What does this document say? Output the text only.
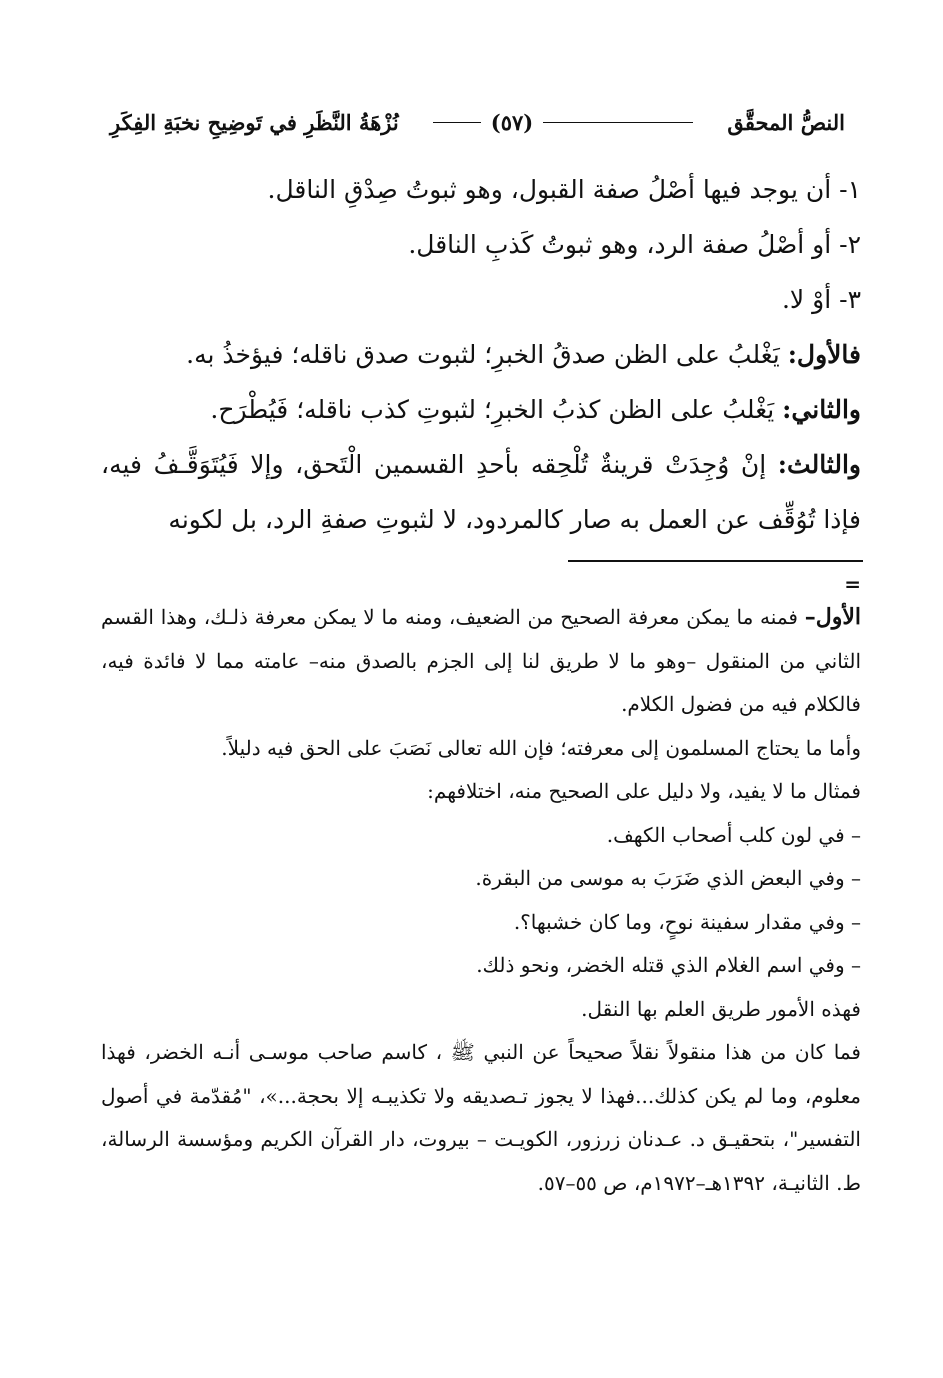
النصُّ المحقَّق
(٥٧)
نُزْهَةُ النَّظَرِ في تَوضِيحِ نخبَةِ الفِكَرِ

١- أن يوجد فيها أصْلُ صفة القبول، وهو ثبوتُ صِدْقِ الناقل.

٢- أو أصْلُ صفة الرد، وهو ثبوتُ كَذبِ الناقل.

٣- أوْ لا.

فالأول: يَغْلبُ على الظن صدقُ الخبرِ؛ لثبوت صدق ناقله؛ فيؤخذُ به.

والثاني: يَغْلبُ على الظن كذبُ الخبرِ؛ لثبوتِ كذب ناقله؛ فَيُطْرَح.

والثالث: إنْ وُجِدَتْ قرينةٌ تُلْحِقه بأحدِ القسمين الْتَحق، وإلا فَيُتَوَقَّـفُ فيه، فإذا تُوُقِّف عن العمل به صار كالمردود، لا لثبوتِ صفةِ الرد، بل لكونه

=

الأول– فمنه ما يمكن معرفة الصحيح من الضعيف، ومنه ما لا يمكن معرفة ذلـك، وهذا القسم الثاني من المنقول –وهو ما لا طريق لنا إلى الجزم بالصدق منه– عامته مما لا فائدة فيه، فالكلام فيه من فضول الكلام.

وأما ما يحتاج المسلمون إلى معرفته؛ فإن الله تعالى نَصَبَ على الحق فيه دليلاً.

فمثال ما لا يفيد، ولا دليل على الصحيح منه، اختلافهم:

– في لون كلب أصحاب الكهف.

– وفي البعض الذي ضَرَبَ به موسى من البقرة.

– وفي مقدار سفينة نوحٍ، وما كان خشبها؟.

– وفي اسم الغلام الذي قتله الخضر، ونحو ذلك.

فهذه الأمور طريق العلم بها النقل.

فما كان من هذا منقولاً نقلاً صحيحاً عن النبي ﷺ ، كاسم صاحب موسـى أنـه الخضر، فهذا معلوم، وما لم يكن كذلك...فهذا لا يجوز تـصديقه ولا تكذيبـه إلا بحجة...»، "مُقدّمة في أصول التفسير"، بتحقيـق د. عـدنان زرزور، الكويـت – بيروت، دار القرآن الكريم ومؤسسة الرسالة، ط. الثانيـة، ١٣٩٢هـ–١٩٧٢م، ص ٥٥–٥٧.
